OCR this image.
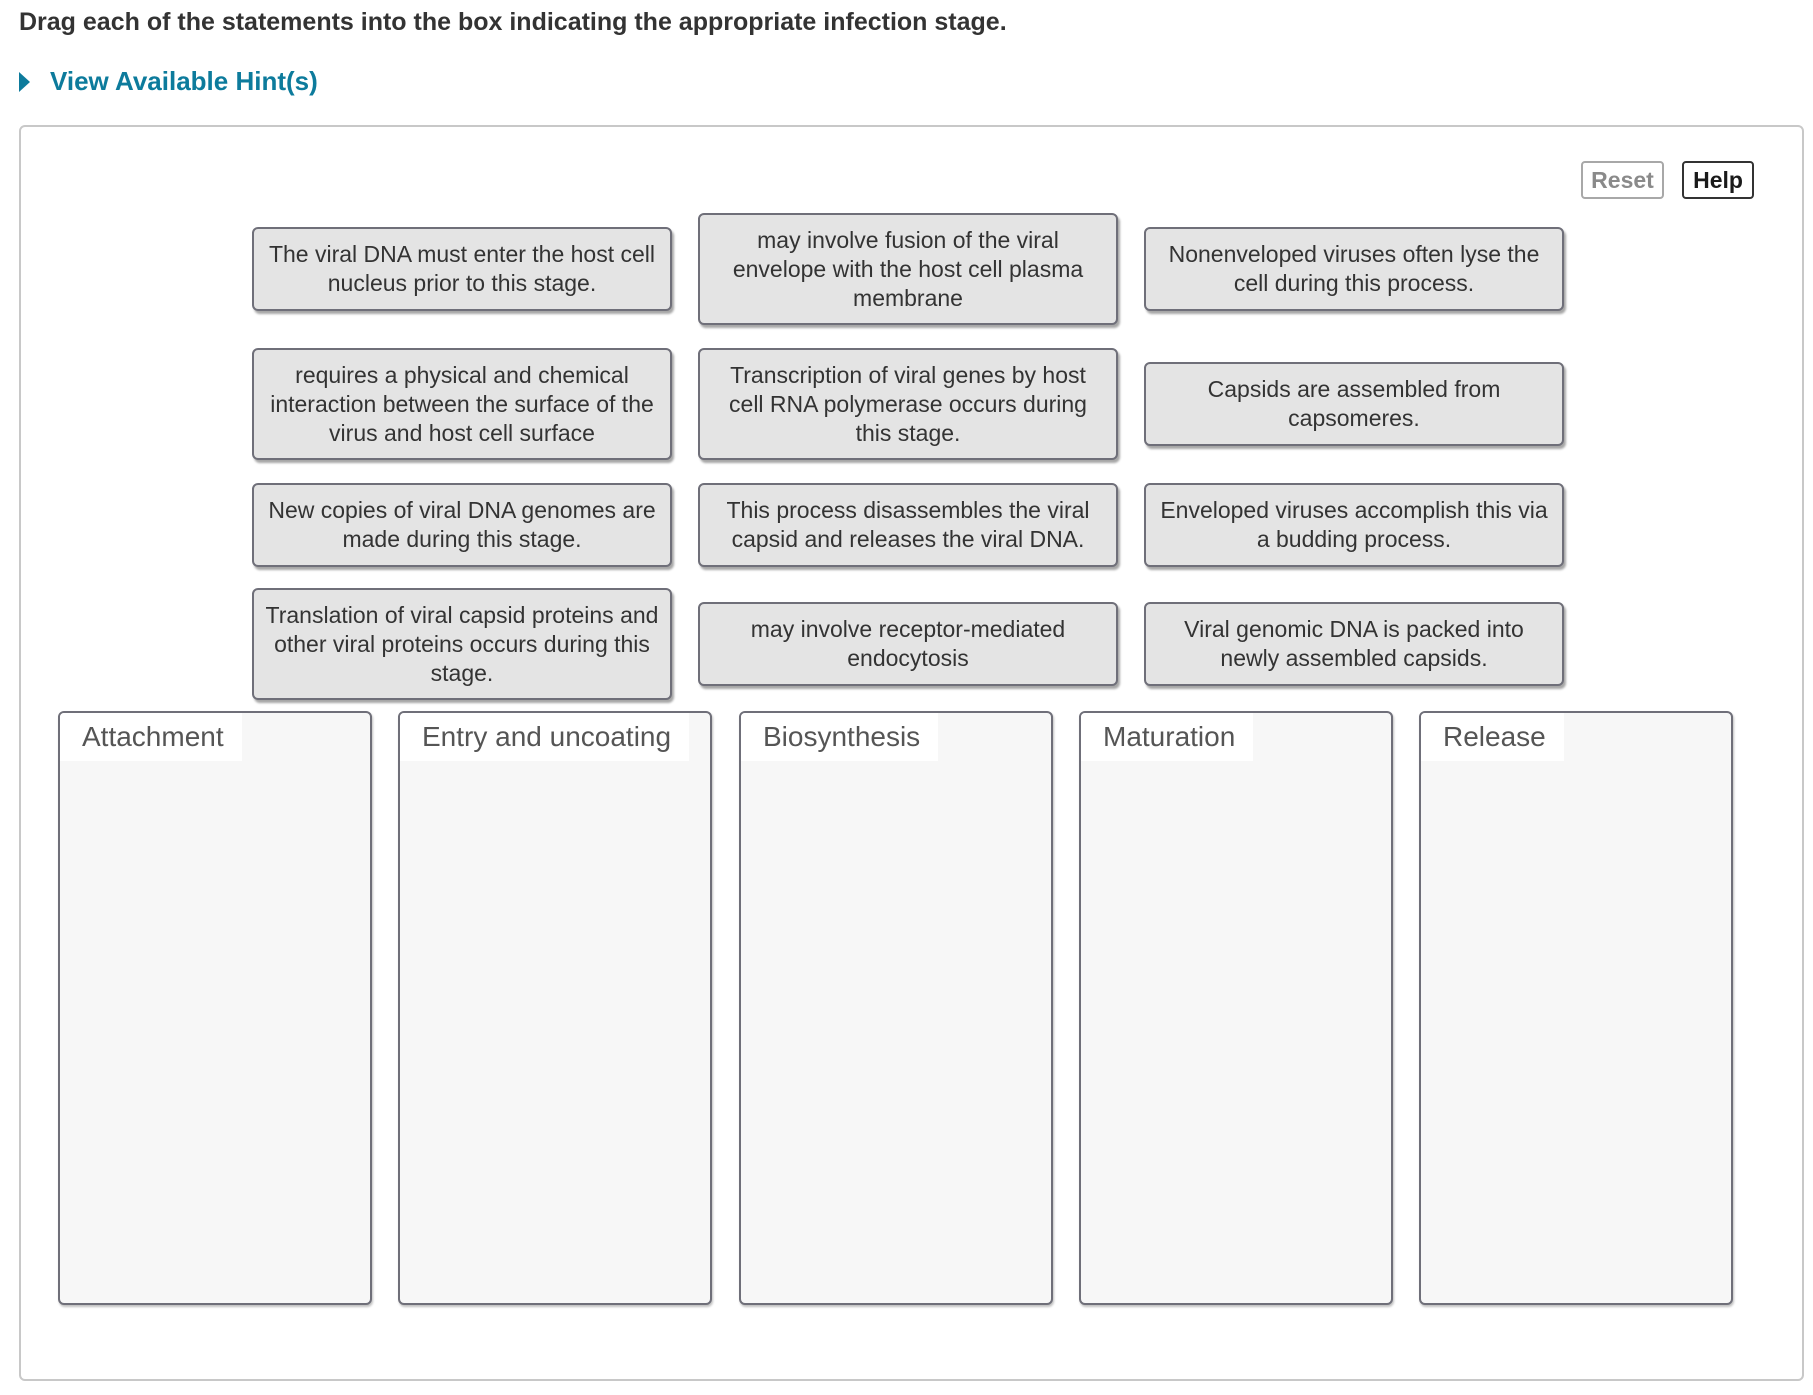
Drag each of the statements into the box indicating the appropriate infection stage.
View Available Hint(s)
Reset	Help
The viral DNA must enter the host cell nucleus prior to this stage.
may involve fusion of the viral envelope with the host cell plasma membrane
Nonenveloped viruses often lyse the cell during this process.
requires a physical and chemical interaction between the surface of the virus and host cell surface
Transcription of viral genes by host cell RNA polymerase occurs during this stage.
Capsids are assembled from capsomeres.
New copies of viral DNA genomes are made during this stage.
This process disassembles the viral capsid and releases the viral DNA.
Enveloped viruses accomplish this via a budding process.
Translation of viral capsid proteins and other viral proteins occurs during this stage.
may involve receptor-mediated endocytosis
Viral genomic DNA is packed into newly assembled capsids.
Attachment	Entry and uncoating	Biosynthesis	Maturation	Release
